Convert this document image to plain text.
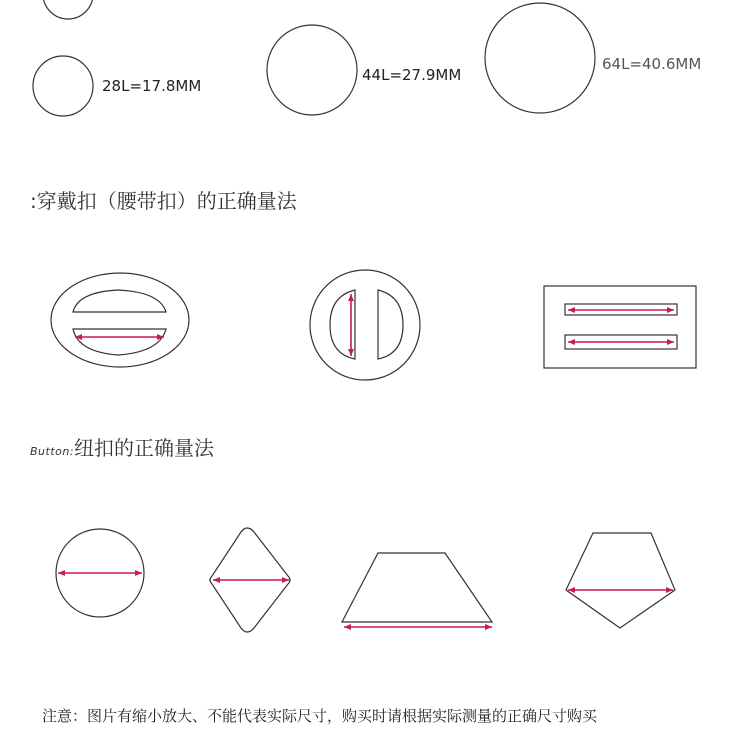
28L=17.8MM
44L=27.9MM
64L=40.6MM
:穿戴扣（腰带扣）的正确量法
Button:纽扣的正确量法
注意：图片有缩小放大、不能代表实际尺寸，购买时请根据实际测量的正确尺寸购买
